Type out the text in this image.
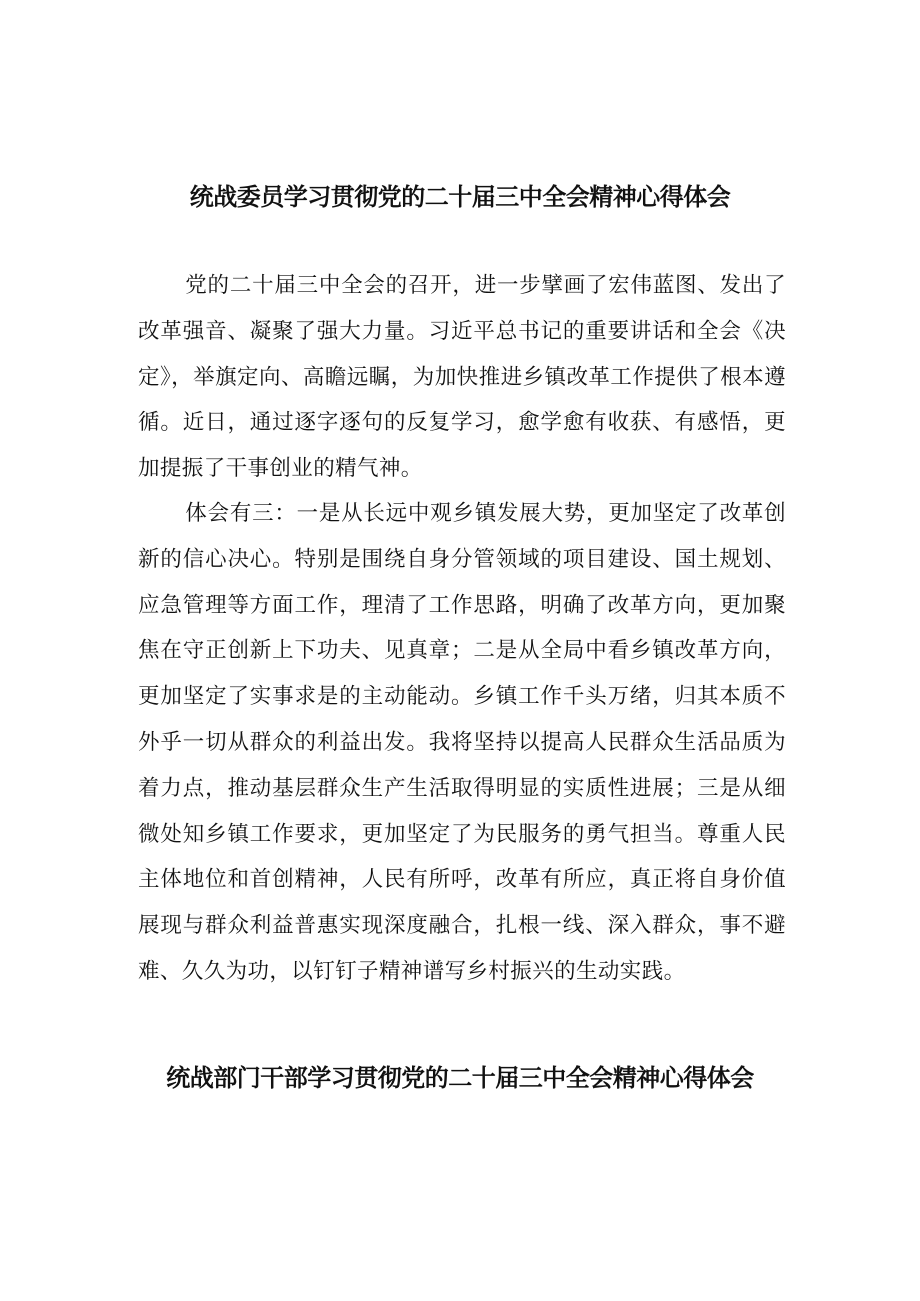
统战委员学习贯彻党的二十届三中全会精神心得体会

党的二十届三中全会的召开，进一步擘画了宏伟蓝图、发出了改革强音、凝聚了强大力量。习近平总书记的重要讲话和全会《决定》，举旗定向、高瞻远瞩，为加快推进乡镇改革工作提供了根本遵循。近日，通过逐字逐句的反复学习，愈学愈有收获、有感悟，更加提振了干事创业的精气神。

体会有三：一是从长远中观乡镇发展大势，更加坚定了改革创新的信心决心。特别是围绕自身分管领域的项目建设、国土规划、应急管理等方面工作，理清了工作思路，明确了改革方向，更加聚焦在守正创新上下功夫、见真章；二是从全局中看乡镇改革方向，更加坚定了实事求是的主动能动。乡镇工作千头万绪，归其本质不外乎一切从群众的利益出发。我将坚持以提高人民群众生活品质为着力点，推动基层群众生产生活取得明显的实质性进展；三是从细微处知乡镇工作要求，更加坚定了为民服务的勇气担当。尊重人民主体地位和首创精神，人民有所呼，改革有所应，真正将自身价值展现与群众利益普惠实现深度融合，扎根一线、深入群众，事不避难、久久为功，以钉钉子精神谱写乡村振兴的生动实践。

统战部门干部学习贯彻党的二十届三中全会精神心得体会
